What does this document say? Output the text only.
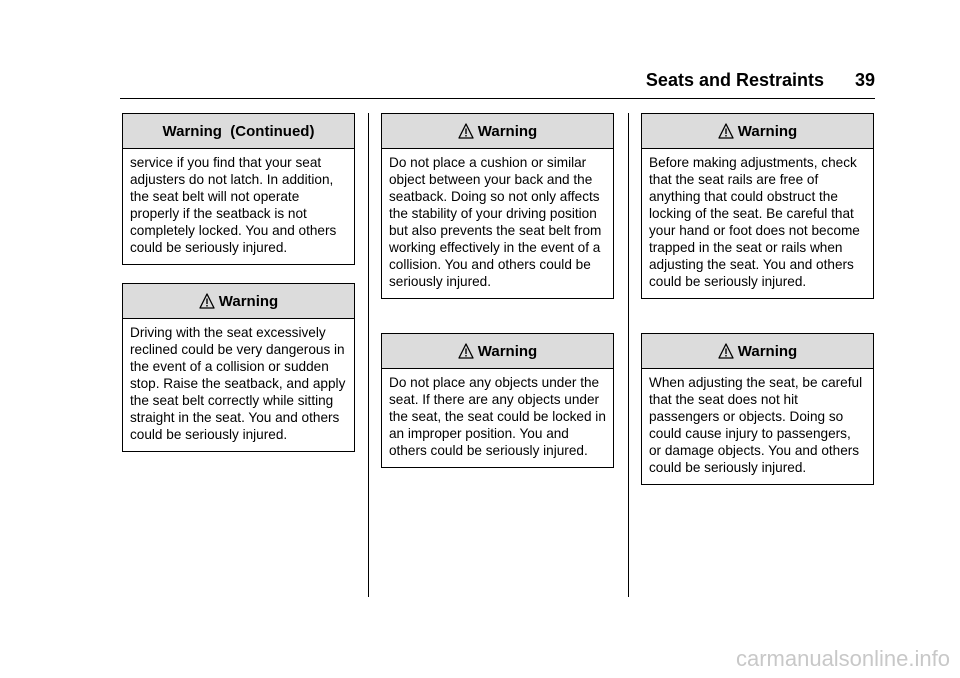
Seats and Restraints 39
Warning  (Continued)
service if you find that your seat adjusters do not latch. In addition, the seat belt will not operate properly if the seatback is not completely locked. You and others could be seriously injured.
Warning
Driving with the seat excessively reclined could be very dangerous in the event of a collision or sudden stop. Raise the seatback, and apply the seat belt correctly while sitting straight in the seat. You and others could be seriously injured.
Warning
Do not place a cushion or similar object between your back and the seatback. Doing so not only affects the stability of your driving position but also prevents the seat belt from working effectively in the event of a collision. You and others could be seriously injured.
Warning
Do not place any objects under the seat. If there are any objects under the seat, the seat could be locked in an improper position. You and others could be seriously injured.
Warning
Before making adjustments, check that the seat rails are free of anything that could obstruct the locking of the seat. Be careful that your hand or foot does not become trapped in the seat or rails when adjusting the seat. You and others could be seriously injured.
Warning
When adjusting the seat, be careful that the seat does not hit passengers or objects. Doing so could cause injury to passengers, or damage objects. You and others could be seriously injured.
carmanualsonline.info
